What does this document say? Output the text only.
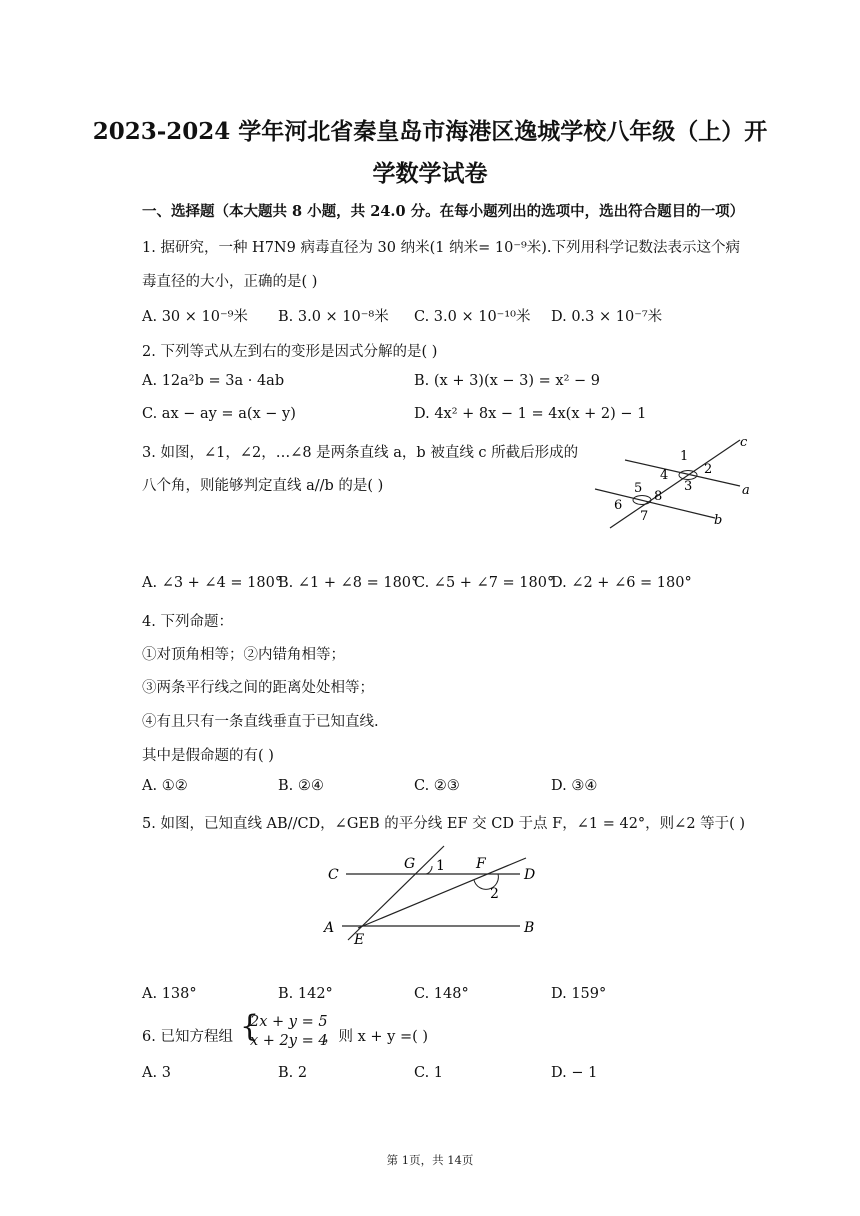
2023-2024 学年河北省秦皇岛市海港区逸城学校八年级（上）开
学数学试卷
一、选择题（本大题共 8 小题，共 24.0 分。在每小题列出的选项中，选出符合题目的一项）
1. 据研究，一种 H7N9 病毒直径为 30 纳米(1 纳米= 10⁻⁹米).下列用科学记数法表示这个病
毒直径的大小，正确的是( )
A. 30 × 10⁻⁹米 B. 3.0 × 10⁻⁸米 C. 3.0 × 10⁻¹⁰米 D. 0.3 × 10⁻⁷米
2. 下列等式从左到右的变形是因式分解的是( )
A. 12a²b = 3a · 4ab	B. (x + 3)(x − 3) = x² − 9
C. ax − ay = a(x − y)	D. 4x² + 8x − 1 = 4x(x + 2) − 1
3. 如图，∠1，∠2，…∠8 是两条直线 a，b 被直线 c 所截后形成的
八个角，则能够判定直线 a//b 的是( )
c
1
2
4
3	a
5
8
6
7	b
A. ∠3 + ∠4 = 180°
B. ∠1 + ∠8 = 180°
C. ∠5 + ∠7 = 180°
D. ∠2 + ∠6 = 180°
4. 下列命题：
①对顶角相等；②内错角相等；
③两条平行线之间的距离处处相等；
④有且只有一条直线垂直于已知直线.
其中是假命题的有( )
A. ①②	B. ②④	C. ②③	D. ③④
5. 如图，已知直线 AB//CD，∠GEB 的平分线 EF 交 CD 于点 F，∠1 = 42°，则∠2 等于( )
C
G 1 F
D
2
A
E
B
A. 138°	B. 142°	C. 148°	D. 159°
6. 已知方程组 {
2x + y = 5
x + 2y = 4
，则 x + y =( )
A. 3	B. 2	C. 1	D. − 1
第 1页，共 14页
